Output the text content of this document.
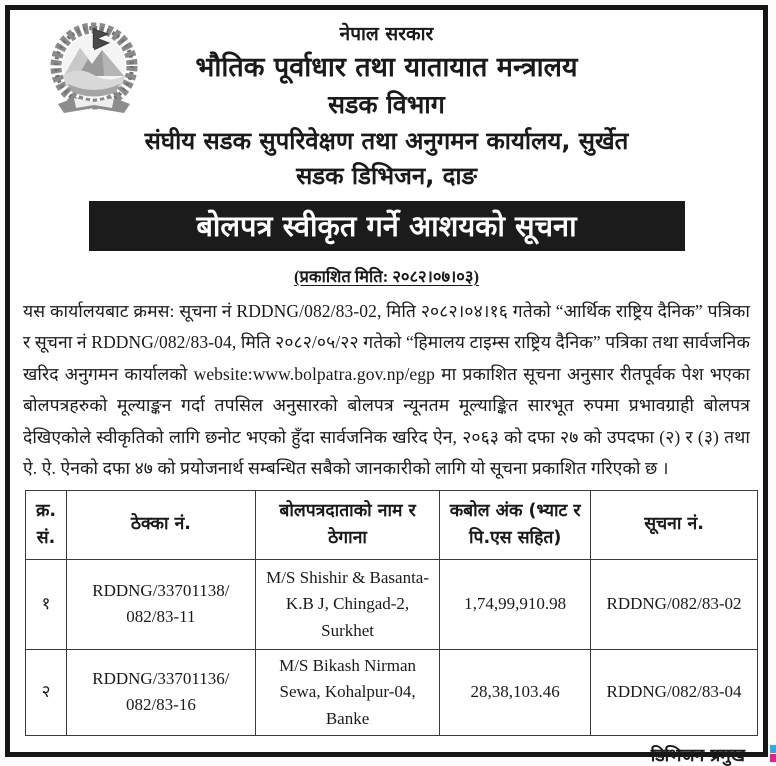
नेपाल सरकार
भौतिक पूर्वाधार तथा यातायात मन्त्रालय
सडक विभाग
संघीय सडक सुपरिवेक्षण तथा अनुगमन कार्यालय, सुर्खेत
सडक डिभिजन, दाङ
बोलपत्र स्वीकृत गर्ने आशयको सूचना
(प्रकाशित मिति: २०८२।०७।०३)

यस कार्यालयबाट क्रमस: सूचना नं RDDNG/082/83-02, मिति २०८२।०४।१६ गतेको “आर्थिक राष्ट्रिय दैनिक” पत्रिका र सूचना नं RDDNG/082/83-04, मिति २०८२/०५/२२ गतेको “हिमालय टाइम्स राष्ट्रिय दैनिक” पत्रिका तथा सार्वजनिक खरिद अनुगमन कार्यालको website:www.bolpatra.gov.np/egp मा प्रकाशित सूचना अनुसार रीतपूर्वक पेश भएका बोलपत्रहरुको मूल्याङ्कन गर्दा तपसिल अनुसारको बोलपत्र न्यूनतम मूल्याङ्कित सारभूत रुपमा प्रभावग्राही बोलपत्र देखिएकोले स्वीकृतिको लागि छनोट भएको हुँदा सार्वजनिक खरिद ऐन, २०६३ को दफा २७ को उपदफा (२) र (३) तथा ऐ. ऐ. ऐनको दफा ४७ को प्रयोजनार्थ सम्बन्धित सबैको जानकारीको लागि यो सूचना प्रकाशित गरिएको छ ।

क्र. सं.	ठेक्का नं.	बोलपत्रदाताको नाम र ठेगाना	कबोल अंक (भ्याट र पि.एस सहित)	सूचना नं.
१	RDDNG/33701138/ 082/83-11	M/S Shishir & Basanta- K.B J, Chingad-2, Surkhet	1,74,99,910.98	RDDNG/082/83-02
२	RDDNG/33701136/ 082/83-16	M/S Bikash Nirman Sewa, Kohalpur-04, Banke	28,38,103.46	RDDNG/082/83-04
डिभिजन प्रमुख
